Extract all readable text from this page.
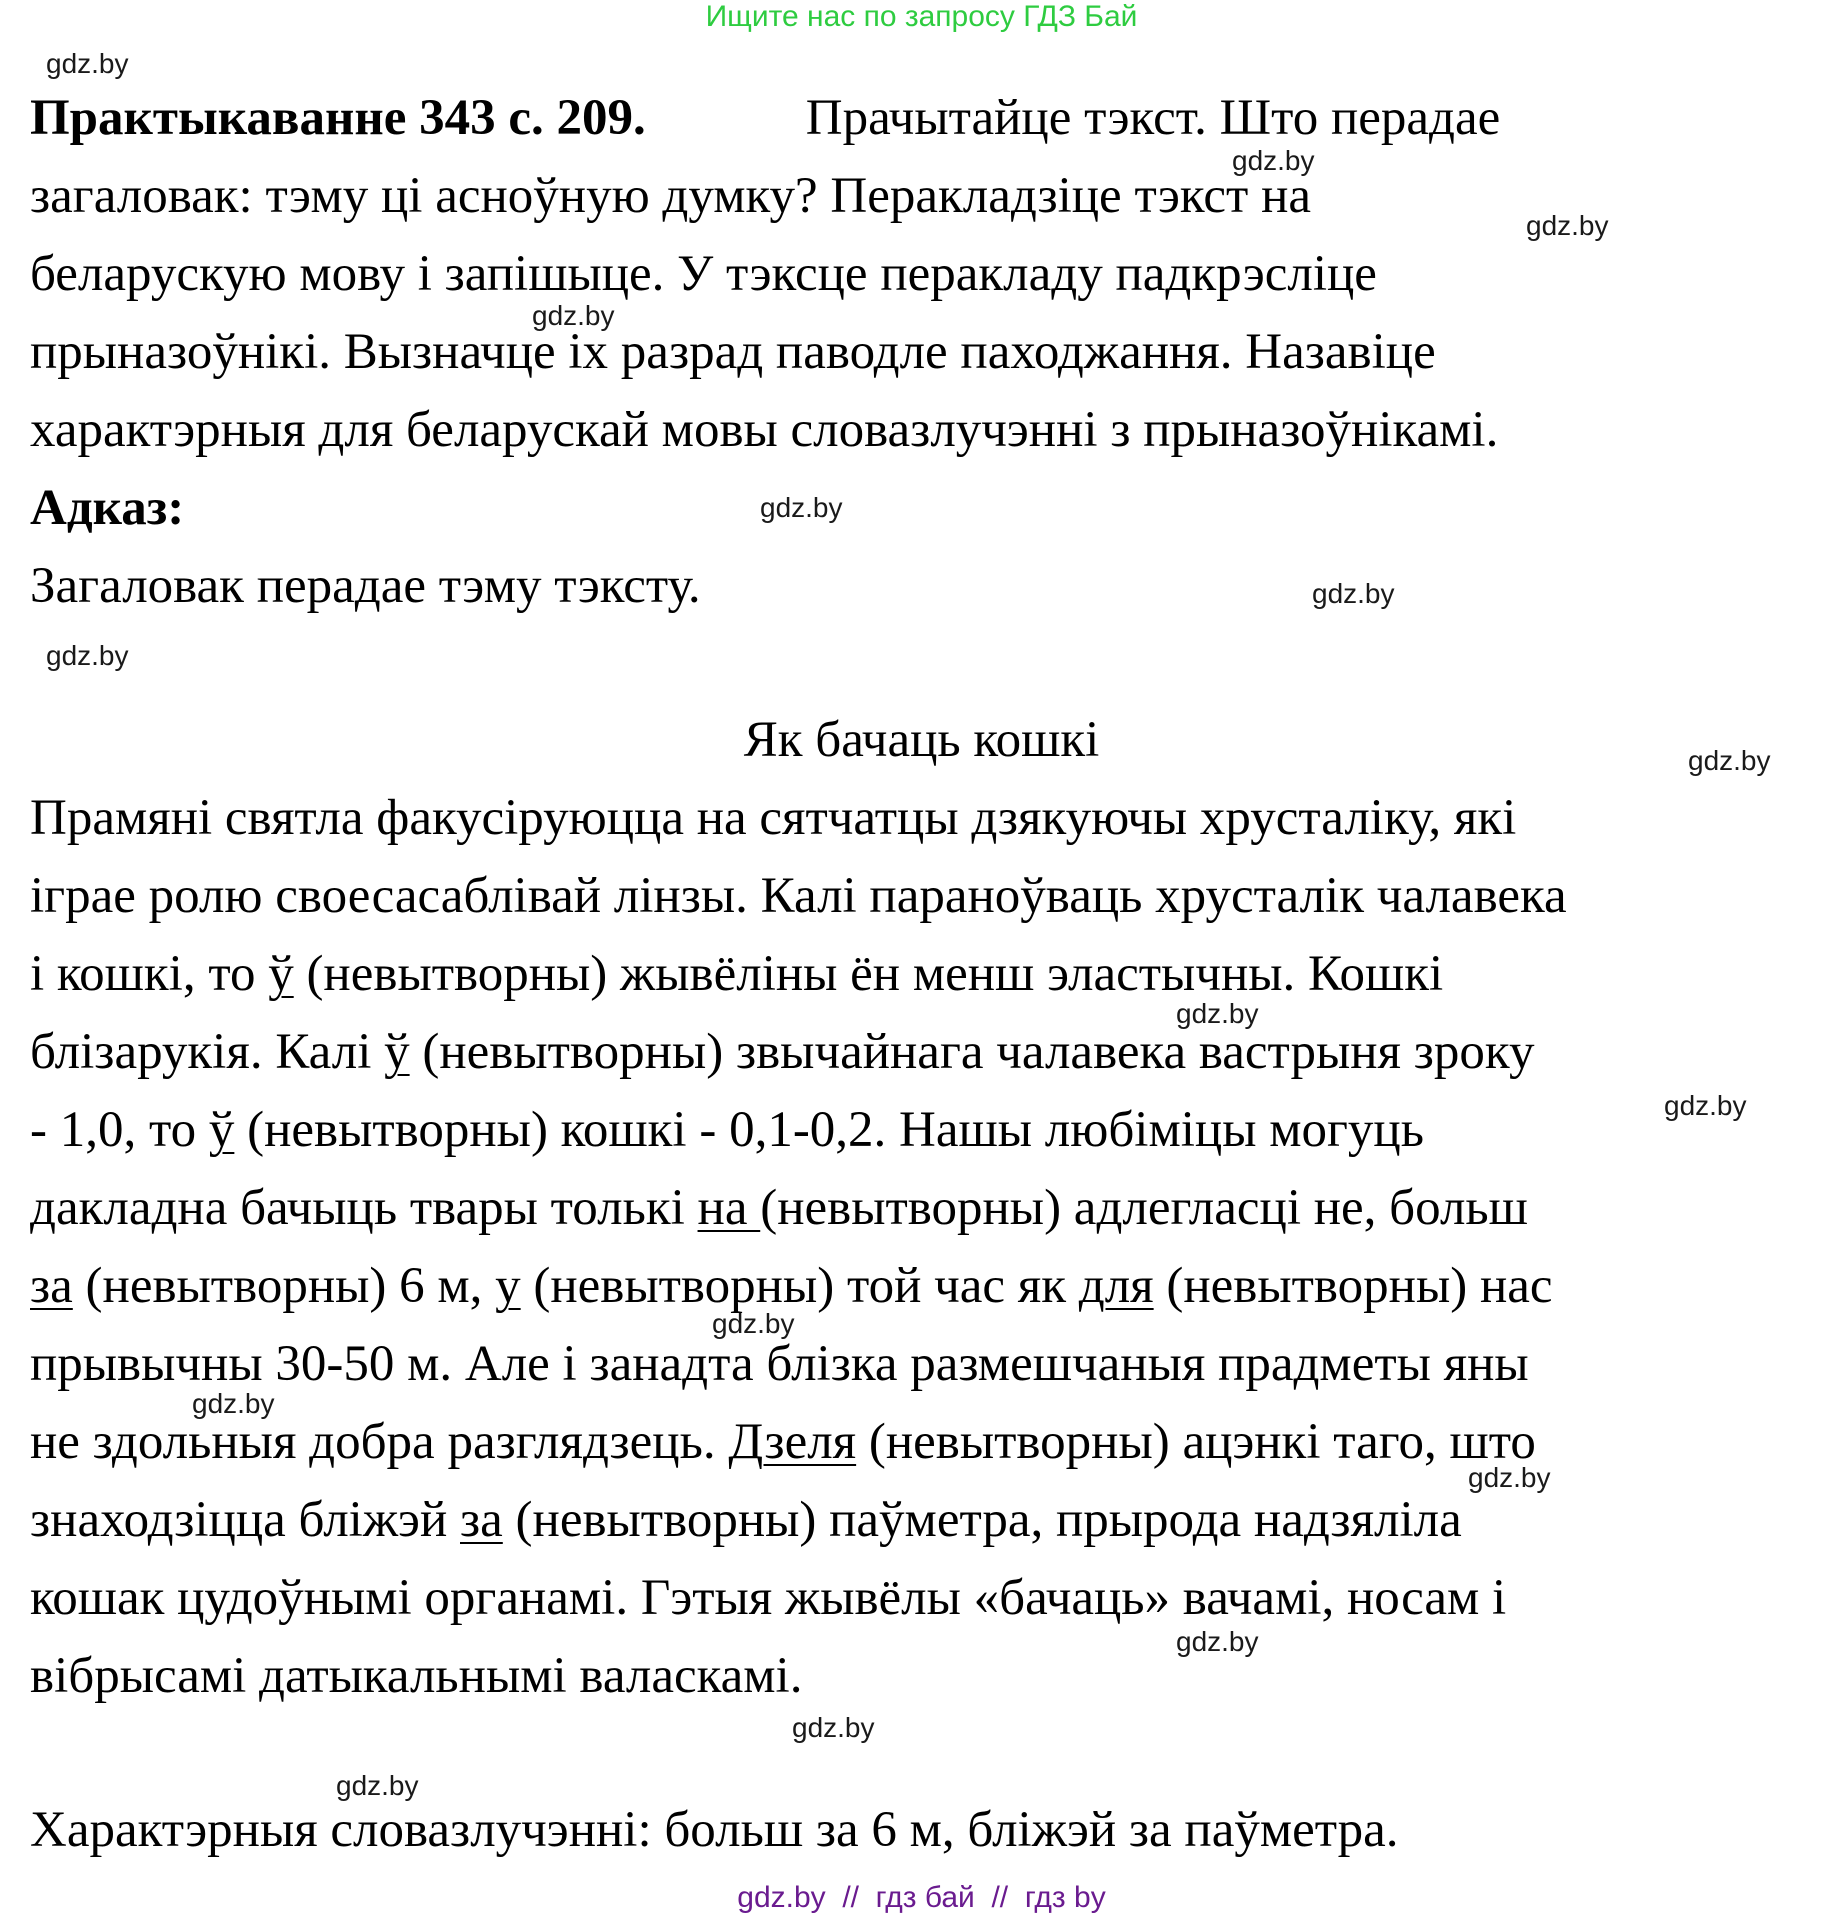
Ищите нас по запросу ГДЗ Бай
gdz.by
gdz.by
gdz.by
gdz.by
gdz.by
gdz.by
gdz.by
gdz.by
gdz.by
gdz.by
gdz.by
gdz.by
gdz.by
gdz.by
gdz.by
gdz.by
Практыкаванне 343 с. 209.	Прачытайце тэкст. Што перадае
загаловак: тэму ці асноўную думку? Перакладзіце тэкст на
беларускую мову і запішыце. У тэксце перакладу падкрэсліце
прыназоўнікі. Вызначце іх разрад паводле паходжання. Назавіце
характэрныя для беларускай мовы словазлучэнні з прыназоўнікамі.
Адказ:
Загаловак перадае тэму тэксту.
Як бачаць кошкі
Прамяні святла факусіруюцца на сятчатцы дзякуючы хрусталіку, які
іграе ролю своесасаблівай лінзы. Калі параноўваць хрусталік чалавека
і кошкі, то ў (невытворны) жывёліны ён менш эластычны. Кошкі
блізарукія. Калі ў (невытворны) звычайнага чалавека вастрыня зроку
- 1,0, то ў (невытворны) кошкі - 0,1-0,2. Нашы любіміцы могуць
дакладна бачыць твары толькі на (невытворны) адлегласці не, больш
за (невытворны) 6 м, у (невытворны) той час як для (невытворны) нас
прывычны 30-50 м. Але і занадта блізка размешчаныя прадметы яны
не здольныя добра разглядзець. Дзеля (невытворны) ацэнкі таго, што
знаходзіцца бліжэй за (невытворны) паўметра, прырода надзяліла
кошак цудоўнымі органамі. Гэтыя жывёлы «бачаць» вачамі, носам і
вібрысамі датыкальнымі валаскамі.
Характэрныя словазлучэнні: больш за 6 м, бліжэй за паўметра.
gdz.by  //  гдз бай  //  гдз by
